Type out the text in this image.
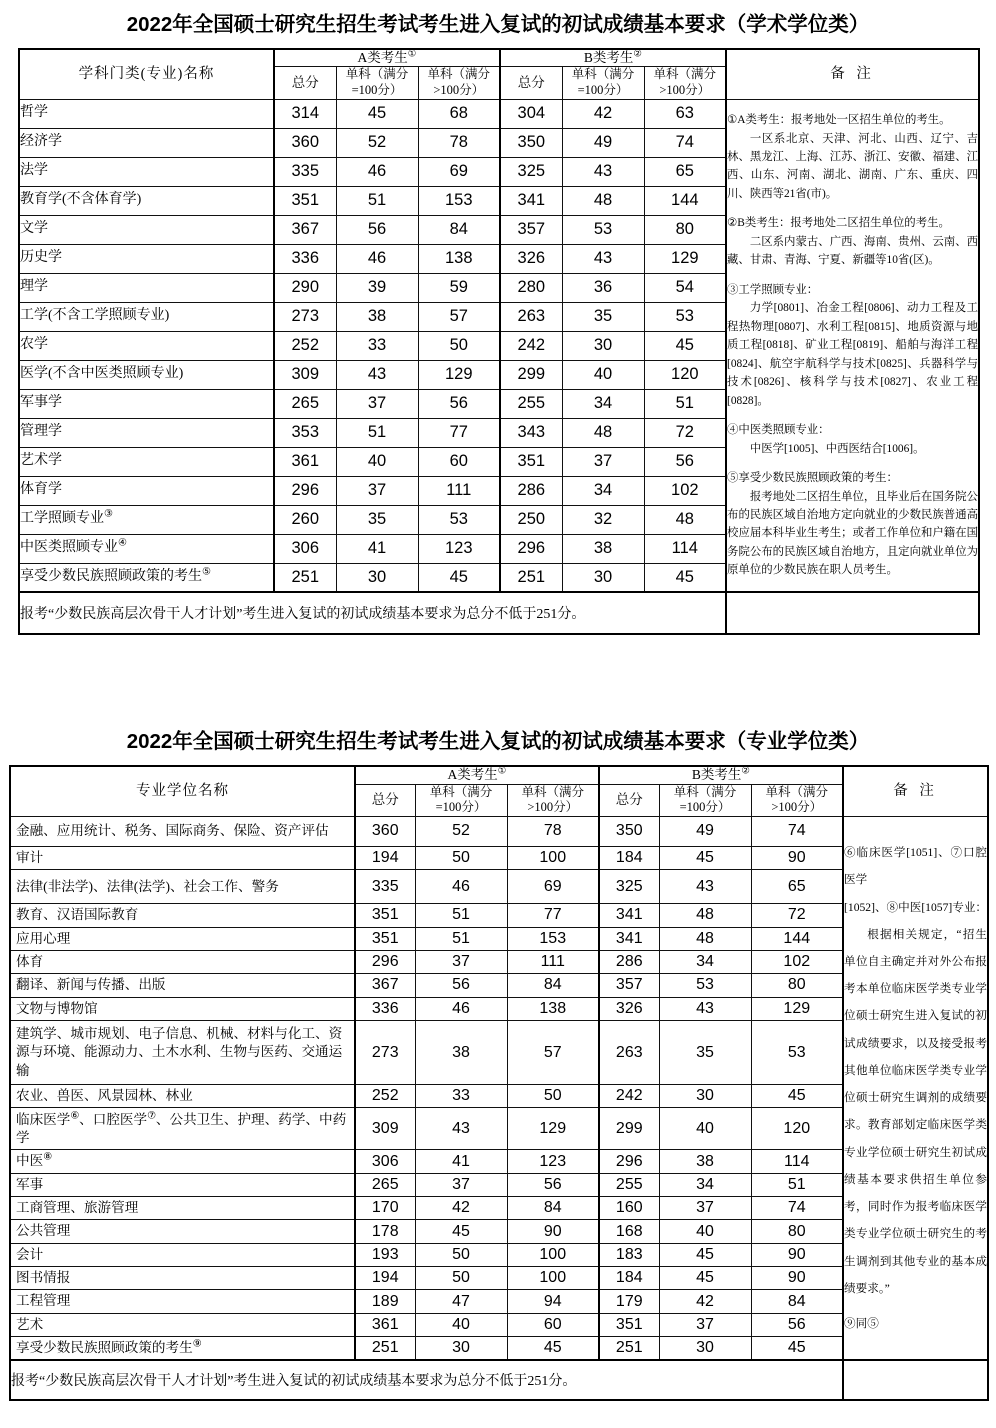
2022年全国硕士研究生招生考试考生进入复试的初试成绩基本要求（学术学位类）
学科门类(专业)名称	A类考生①			B类考生②			备 注
	总分	单科（满分
=100分）	单科（满分
>100分）	总分	单科（满分
=100分）	单科（满分
>100分）	
哲学	314	45	68	304	42	63	①A类考生：报考地处一区招生单位的考生。

一区系北京、天津、河北、山西、辽宁、吉林、黑龙江、上海、江苏、浙江、安徽、福建、江西、山东、河南、湖北、湖南、广东、重庆、四川、陕西等21省(市)。

②B类考生：报考地处二区招生单位的考生。

二区系内蒙古、广西、海南、贵州、云南、西藏、甘肃、青海、宁夏、新疆等10省(区)。

③工学照顾专业：

力学[0801]、冶金工程[0806]、动力工程及工程热物理[0807]、水利工程[0815]、地质资源与地质工程[0818]、矿业工程[0819]、船舶与海洋工程[0824]、航空宇航科学与技术[0825]、兵器科学与技术[0826]、核科学与技术[0827]、农业工程[0828]。

④中医类照顾专业：

中医学[1005]、中西医结合[1006]。

⑤享受少数民族照顾政策的考生：

报考地处二区招生单位，且毕业后在国务院公布的民族区域自治地方定向就业的少数民族普通高校应届本科毕业生考生；或者工作单位和户籍在国务院公布的民族区域自治地方，且定向就业单位为原单位的少数民族在职人员考生。

经济学	360	52	78	350	49	74	
法学	335	46	69	325	43	65	
教育学(不含体育学)	351	51	153	341	48	144	
文学	367	56	84	357	53	80	
历史学	336	46	138	326	43	129	
理学	290	39	59	280	36	54	
工学(不含工学照顾专业)	273	38	57	263	35	53	
农学	252	33	50	242	30	45	
医学(不含中医类照顾专业)	309	43	129	299	40	120	
军事学	265	37	56	255	34	51	
管理学	353	51	77	343	48	72	
艺术学	361	40	60	351	37	56	
体育学	296	37	111	286	34	102	
工学照顾专业③	260	35	53	250	32	48	
中医类照顾专业④	306	41	123	296	38	114	
享受少数民族照顾政策的考生⑤	251	30	45	251	30	45	
报考“少数民族高层次骨干人才计划”考生进入复试的初试成绩基本要求为总分不低于251分。							
2022年全国硕士研究生招生考试考生进入复试的初试成绩基本要求（专业学位类）
专业学位名称	A类考生①			B类考生②			备 注
	总分	单科（满分
=100分）	单科（满分
>100分）	总分	单科（满分
=100分）	单科（满分
>100分）	
金融、应用统计、税务、国际商务、保险、资产评估	360	52	78	350	49	74	⑥临床医学[1051]、⑦口腔医学

[1052]、⑧中医[1057]专业：

根据相关规定，“招生单位自主确定并对外公布报考本单位临床医学类专业学位硕士研究生进入复试的初试成绩要求，以及接受报考其他单位临床医学类专业学位硕士研究生调剂的成绩要求。教育部划定临床医学类专业学位硕士研究生初试成绩基本要求供招生单位参考，同时作为报考临床医学类专业学位硕士研究生的考生调剂到其他专业的基本成绩要求。”

⑨同⑤

审计	194	50	100	184	45	90	
法律(非法学)、法律(法学)、社会工作、警务	335	46	69	325	43	65	
教育、汉语国际教育	351	51	77	341	48	72	
应用心理	351	51	153	341	48	144	
体育	296	37	111	286	34	102	
翻译、新闻与传播、出版	367	56	84	357	53	80	
文物与博物馆	336	46	138	326	43	129	
建筑学、城市规划、电子信息、机械、材料与化工、资源与环境、能源动力、土木水利、生物与医药、交通运输	273	38	57	263	35	53	
农业、兽医、风景园林、林业	252	33	50	242	30	45	
临床医学⑥、口腔医学⑦、公共卫生、护理、药学、中药学	309	43	129	299	40	120	
中医⑧	306	41	123	296	38	114	
军事	265	37	56	255	34	51	
工商管理、旅游管理	170	42	84	160	37	74	
公共管理	178	45	90	168	40	80	
会计	193	50	100	183	45	90	
图书情报	194	50	100	184	45	90	
工程管理	189	47	94	179	42	84	
艺术	361	40	60	351	37	56	
享受少数民族照顾政策的考生⑨	251	30	45	251	30	45	
报考“少数民族高层次骨干人才计划”考生进入复试的初试成绩基本要求为总分不低于251分。							
